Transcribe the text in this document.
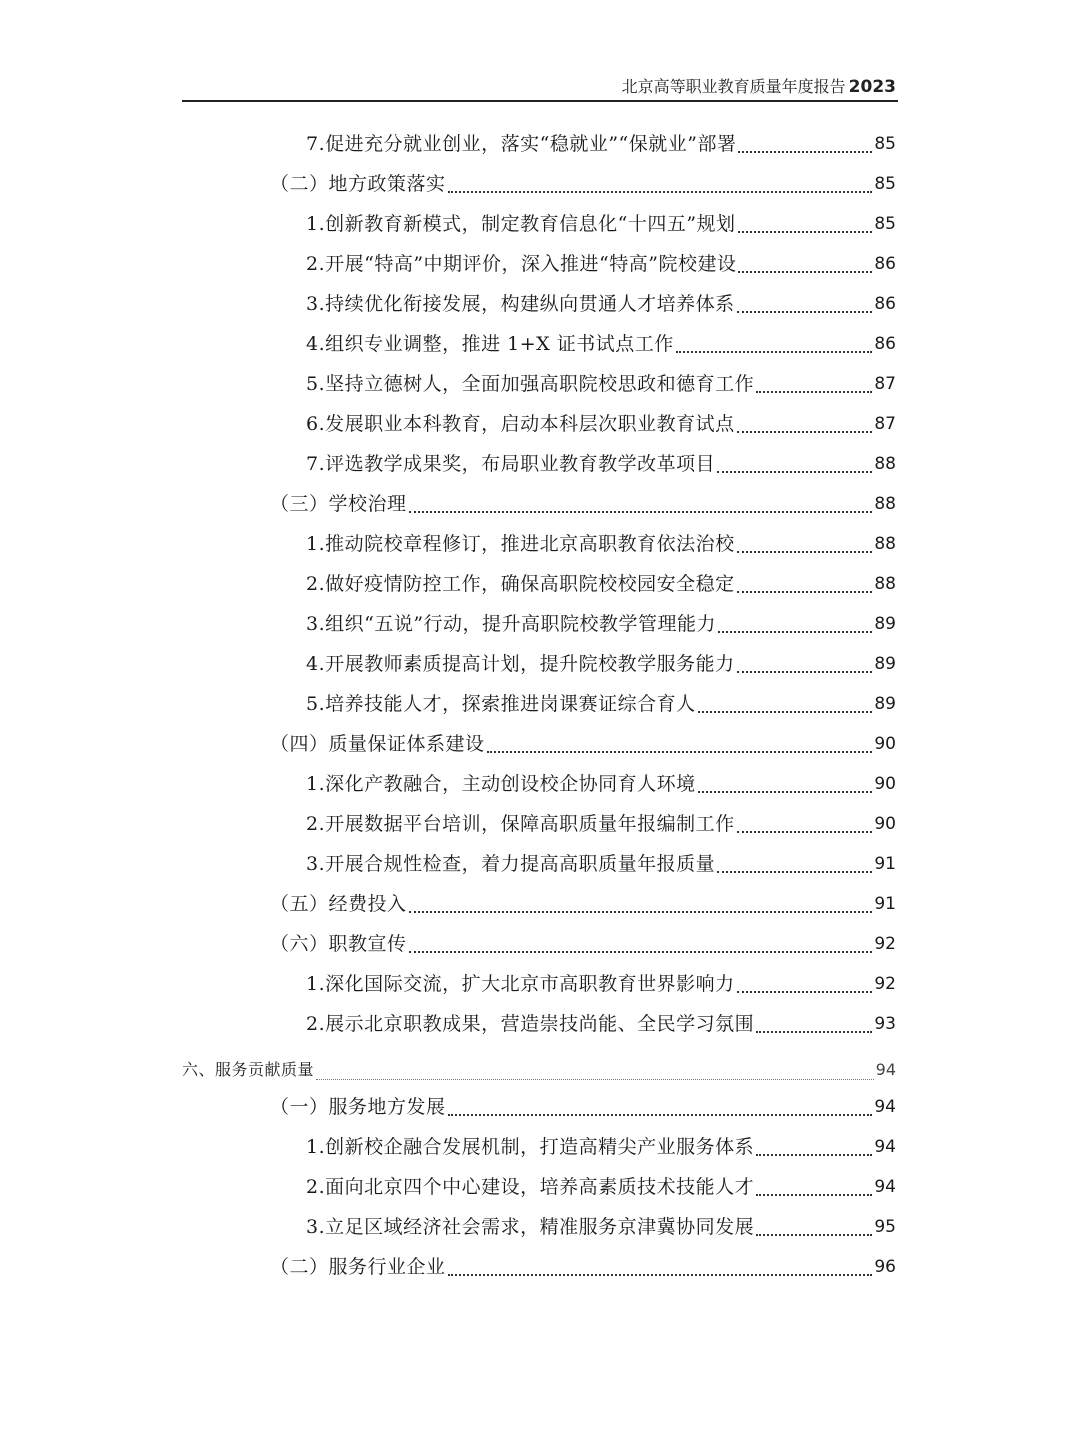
北京高等职业教育质量年度报告 2023
7.促进充分就业创业，落实“稳就业”“保就业”部署	85
（二）地方政策落实	85
1.创新教育新模式，制定教育信息化“十四五”规划	85
2.开展“特高”中期评价，深入推进“特高”院校建设	86
3.持续优化衔接发展，构建纵向贯通人才培养体系	86
4.组织专业调整，推进 1+X 证书试点工作	86
5.坚持立德树人，全面加强高职院校思政和德育工作	87
6.发展职业本科教育，启动本科层次职业教育试点	87
7.评选教学成果奖，布局职业教育教学改革项目	88
（三）学校治理	88
1.推动院校章程修订，推进北京高职教育依法治校	88
2.做好疫情防控工作，确保高职院校校园安全稳定	88
3.组织“五说”行动，提升高职院校教学管理能力	89
4.开展教师素质提高计划，提升院校教学服务能力	89
5.培养技能人才，探索推进岗课赛证综合育人	89
（四）质量保证体系建设	90
1.深化产教融合，主动创设校企协同育人环境	90
2.开展数据平台培训，保障高职质量年报编制工作	90
3.开展合规性检查，着力提高高职质量年报质量	91
（五）经费投入	91
（六）职教宣传	92
1.深化国际交流，扩大北京市高职教育世界影响力	92
2.展示北京职教成果，营造崇技尚能、全民学习氛围	93
六、服务贡献质量	94
（一）服务地方发展	94
1.创新校企融合发展机制，打造高精尖产业服务体系	94
2.面向北京四个中心建设，培养高素质技术技能人才	94
3.立足区域经济社会需求，精准服务京津冀协同发展	95
（二）服务行业企业	96
